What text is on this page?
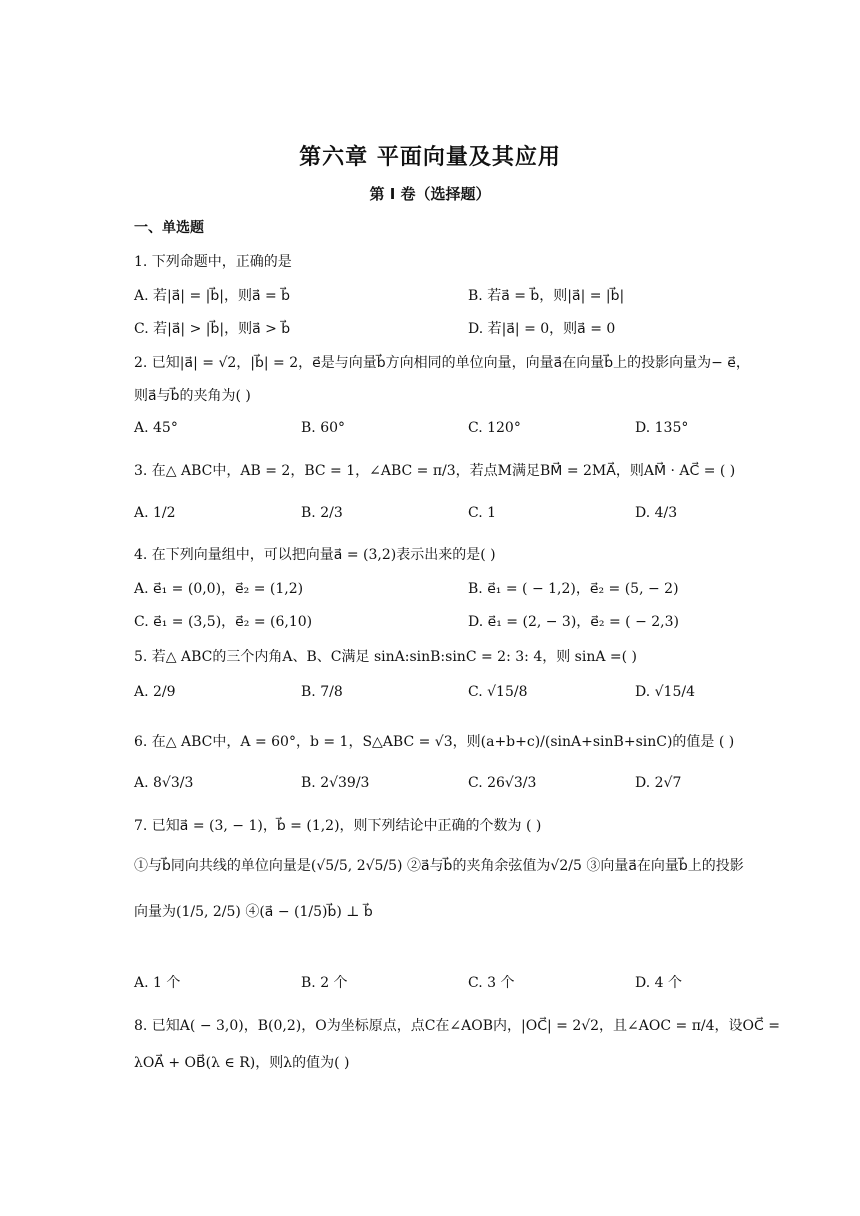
第六章 平面向量及其应用
第 I 卷（选择题）
一、单选题
1. 下列命题中，正确的是
A. 若|a⃗| = |b⃗|，则a⃗ = b⃗	B. 若a⃗ = b⃗，则|a⃗| = |b⃗|
C. 若|a⃗| > |b⃗|，则a⃗ > b⃗	D. 若|a⃗| = 0，则a⃗ = 0
2. 已知|a⃗| = √2，|b⃗| = 2，e⃗是与向量b⃗方向相同的单位向量，向量a⃗在向量b⃗上的投影向量为− e⃗，
则a⃗与b⃗的夹角为( )
A. 45°	B. 60°	C. 120°	D. 135°
3. 在△ ABC中，AB = 2，BC = 1，∠ABC = π/3，若点M满足BM⃗ = 2MA⃗，则AM⃗ · AC⃗ = ( )
A. 1/2	B. 2/3	C. 1	D. 4/3
4. 在下列向量组中，可以把向量a⃗ = (3,2)表示出来的是( )
A. e⃗₁ = (0,0)，e⃗₂ = (1,2)	B. e⃗₁ = ( − 1,2)，e⃗₂ = (5, − 2)
C. e⃗₁ = (3,5)，e⃗₂ = (6,10)	D. e⃗₁ = (2, − 3)，e⃗₂ = ( − 2,3)
5. 若△ ABC的三个内角A、B、C满足 sinA:sinB:sinC = 2: 3: 4，则 sinA =( )
A. 2/9	B. 7/8	C. √15/8	D. √15/4
6. 在△ ABC中，A = 60°，b = 1，S△ABC = √3，则(a+b+c)/(sinA+sinB+sinC)的值是 ( )
A. 8√3/3	B. 2√39/3	C. 26√3/3	D. 2√7
7. 已知a⃗ = (3, − 1)，b⃗ = (1,2)，则下列结论中正确的个数为 ( )
①与b⃗同向共线的单位向量是(√5/5, 2√5/5) ②a⃗与b⃗的夹角余弦值为√2/5 ③向量a⃗在向量b⃗上的投影
向量为(1/5, 2/5) ④(a⃗ − (1/5)b⃗) ⊥ b⃗
A. 1 个	B. 2 个	C. 3 个	D. 4 个
8. 已知A( − 3,0)，B(0,2)，O为坐标原点，点C在∠AOB内，|OC⃗| = 2√2，且∠AOC = π/4，设OC⃗ =
λOA⃗ + OB⃗(λ ∈ R)，则λ的值为( )
